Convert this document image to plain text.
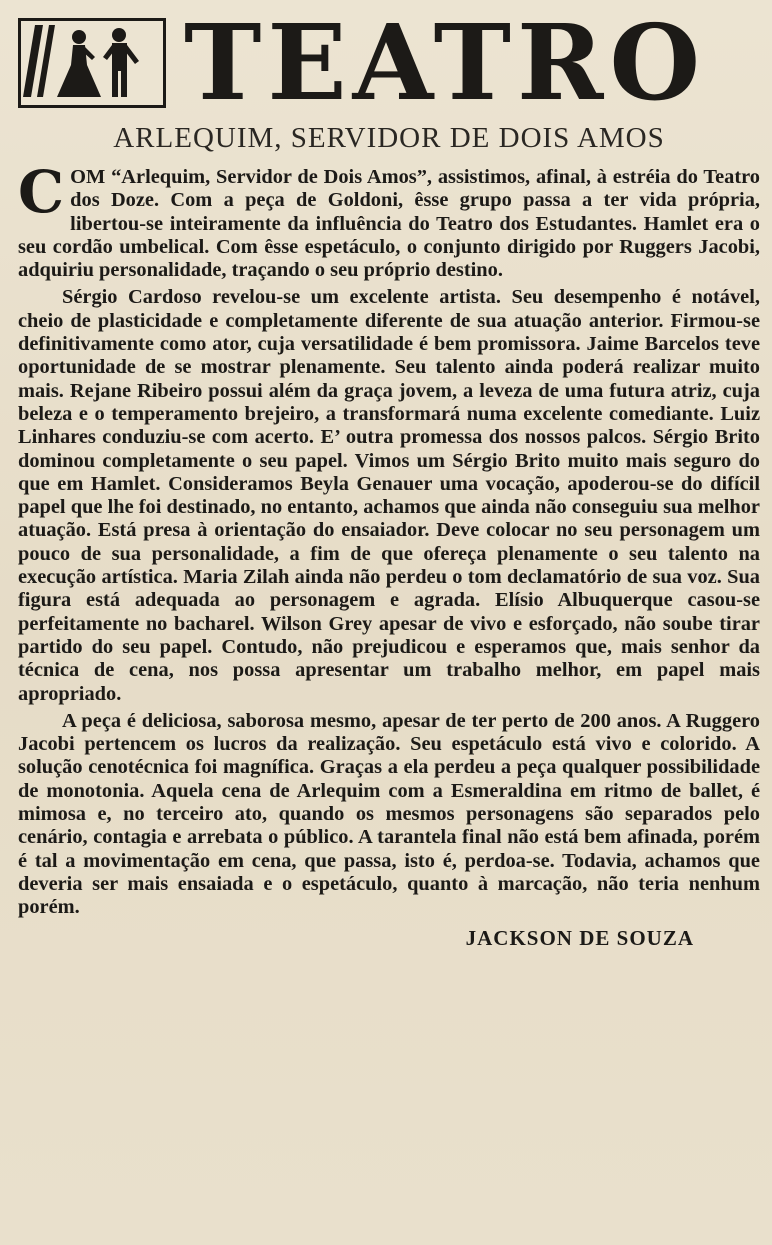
TEATRO
ARLEQUIM, SERVIDOR DE DOIS AMOS

COM “Arlequim, Servidor de Dois Amos”, assistimos, afinal, à estréia do Teatro dos Doze. Com a peça de Goldoni, êsse grupo passa a ter vida própria, libertou-se inteiramente da influência do Teatro dos Estudantes. Hamlet era o seu cordão umbelical. Com êsse espetáculo, o conjunto dirigido por Ruggers Jacobi, adquiriu personalidade, traçando o seu próprio destino.

Sérgio Cardoso revelou-se um excelente artista. Seu desempenho é notável, cheio de plasticidade e completamente diferente de sua atuação anterior. Firmou-se definitivamente como ator, cuja versatilidade é bem promissora. Jaime Barcelos teve oportunidade de se mostrar plenamente. Seu talento ainda poderá realizar muito mais. Rejane Ribeiro possui além da graça jovem, a leveza de uma futura atriz, cuja beleza e o temperamento brejeiro, a transformará numa excelente comediante. Luiz Linhares conduziu-se com acerto. E’ outra promessa dos nossos palcos. Sérgio Brito dominou completamente o seu papel. Vimos um Sérgio Brito muito mais seguro do que em Hamlet. Consideramos Beyla Genauer uma vocação, apoderou-se do difícil papel que lhe foi destinado, no entanto, achamos que ainda não conseguiu sua melhor atuação. Está presa à orientação do ensaiador. Deve colocar no seu personagem um pouco de sua personalidade, a fim de que ofereça plenamente o seu talento na execução artística. Maria Zilah ainda não perdeu o tom declamatório de sua voz. Sua figura está adequada ao personagem e agrada. Elísio Albuquerque casou-se perfeitamente no bacharel. Wilson Grey apesar de vivo e esforçado, não soube tirar partido do seu papel. Contudo, não prejudicou e esperamos que, mais senhor da técnica de cena, nos possa apresentar um trabalho melhor, em papel mais apropriado.

A peça é deliciosa, saborosa mesmo, apesar de ter perto de 200 anos. A Ruggero Jacobi pertencem os lucros da realização. Seu espetáculo está vivo e colorido. A solução cenotécnica foi magnífica. Graças a ela perdeu a peça qualquer possibilidade de monotonia. Aquela cena de Arlequim com a Esmeraldina em ritmo de ballet, é mimosa e, no terceiro ato, quando os mesmos personagens são separados pelo cenário, contagia e arrebata o público. A tarantela final não está bem afinada, porém é tal a movimentação em cena, que passa, isto é, perdoa-se. Todavia, achamos que deveria ser mais ensaiada e o espetáculo, quanto à marcação, não teria nenhum porém.

JACKSON DE SOUZA
